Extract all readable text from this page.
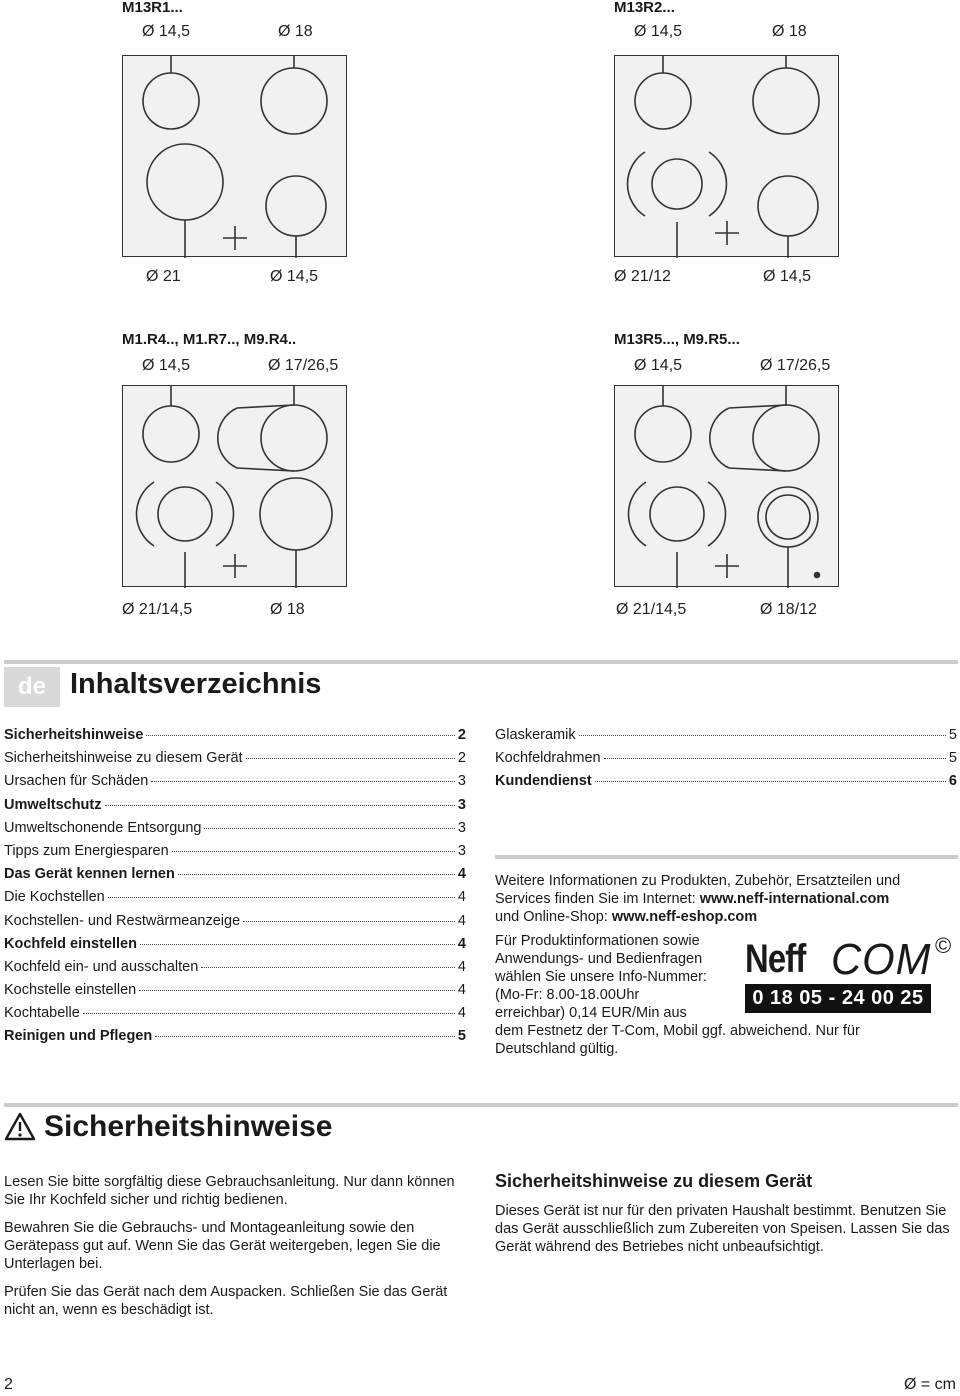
M13R1...
Ø 14,5	Ø 18
Ø 21	Ø 14,5
M13R2...
Ø 14,5	Ø 18
Ø 21/12	Ø 14,5
M1.R4.., M1.R7.., M9.R4..
Ø 14,5	Ø 17/26,5
Ø 21/14,5	Ø 18
M13R5..., M9.R5...
Ø 14,5	Ø 17/26,5
Ø 21/14,5	Ø 18/12
de Inhaltsverzeichnis
Sicherheitshinweise	2
Sicherheitshinweise zu diesem Gerät	2
Ursachen für Schäden	3
Umweltschutz	3
Umweltschonende Entsorgung	3
Tipps zum Energiesparen	3
Das Gerät kennen lernen	4
Die Kochstellen	4
Kochstellen- und Restwärmeanzeige	4
Kochfeld einstellen	4
Kochfeld ein- und ausschalten	4
Kochstelle einstellen	4
Kochtabelle	4
Reinigen und Pflegen	5
Glaskeramik	5
Kochfeldrahmen	5
Kundendienst	6
Weitere Informationen zu Produkten, Zubehör, Ersatzteilen und
Services finden Sie im Internet: www.neff-international.com
und Online-Shop: www.neff-eshop.com
Für Produktinformationen sowie
Anwendungs- und Bedienfragen
wählen Sie unsere Info-Nummer:
(Mo-Fr: 8.00-18.00Uhr
erreichbar) 0,14 EUR/Min aus
dem Festnetz der T-Com, Mobil ggf. abweichend. Nur für
Deutschland gültig.
Neff COM ©
0 18 05 - 24 00 25
Sicherheitshinweise

Lesen Sie bitte sorgfältig diese Gebrauchsanleitung. Nur dann können Sie Ihr Kochfeld sicher und richtig bedienen.

Bewahren Sie die Gebrauchs- und Montageanleitung sowie den Gerätepass gut auf. Wenn Sie das Gerät weitergeben, legen Sie die Unterlagen bei.

Prüfen Sie das Gerät nach dem Auspacken. Schließen Sie das Gerät nicht an, wenn es beschädigt ist.

Sicherheitshinweise zu diesem Gerät

Dieses Gerät ist nur für den privaten Haushalt bestimmt. Benutzen Sie das Gerät ausschließlich zum Zubereiten von Speisen. Lassen Sie das Gerät während des Betriebes nicht unbeaufsichtigt.

2	Ø = cm
